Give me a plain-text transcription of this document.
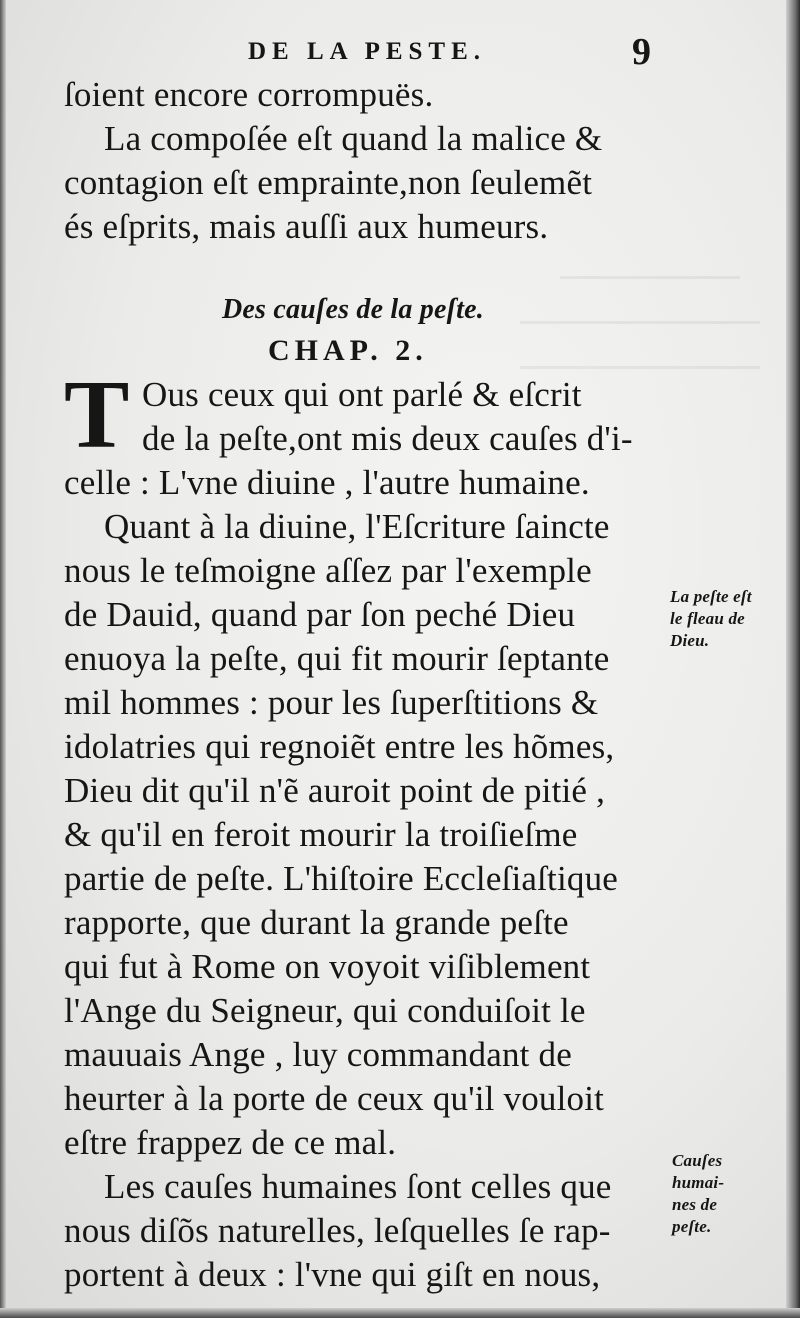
DE LA PESTE.	9
ſoient encore corrompuës.
La compoſée eſt quand la malice &
contagion eſt emprainte,non ſeulemẽt
és eſprits, mais auſſi aux humeurs.
Des cauſes de la peſte.
CHAP. 2.
T Ous ceux qui ont parlé & eſcrit
de la peſte,ont mis deux cauſes d'i-
celle : L'vne diuine , l'autre humaine.
Quant à la diuine, l'Eſcriture ſaincte
nous le teſmoigne aſſez par l'exemple
de Dauid, quand par ſon peché Dieu
enuoya la peſte, qui fit mourir ſeptante
mil hommes : pour les ſuperſtitions &
idolatries qui regnoiẽt entre les hõmes,
Dieu dit qu'il n'ẽ auroit point de pitié ,
& qu'il en feroit mourir la troiſieſme
partie de peſte. L'hiſtoire Eccleſiaſtique
rapporte, que durant la grande peſte
qui fut à Rome on voyoit viſiblement
l'Ange du Seigneur, qui conduiſoit le
mauuais Ange , luy commandant de
heurter à la porte de ceux qu'il vouloit
eſtre frappez de ce mal.
Les cauſes humaines ſont celles que
nous diſõs naturelles, leſquelles ſe rap-
portent à deux : l'vne qui giſt en nous,
La peſte eſt
le fleau de
Dieu.
Cauſes
humai-
nes de
peſte.
